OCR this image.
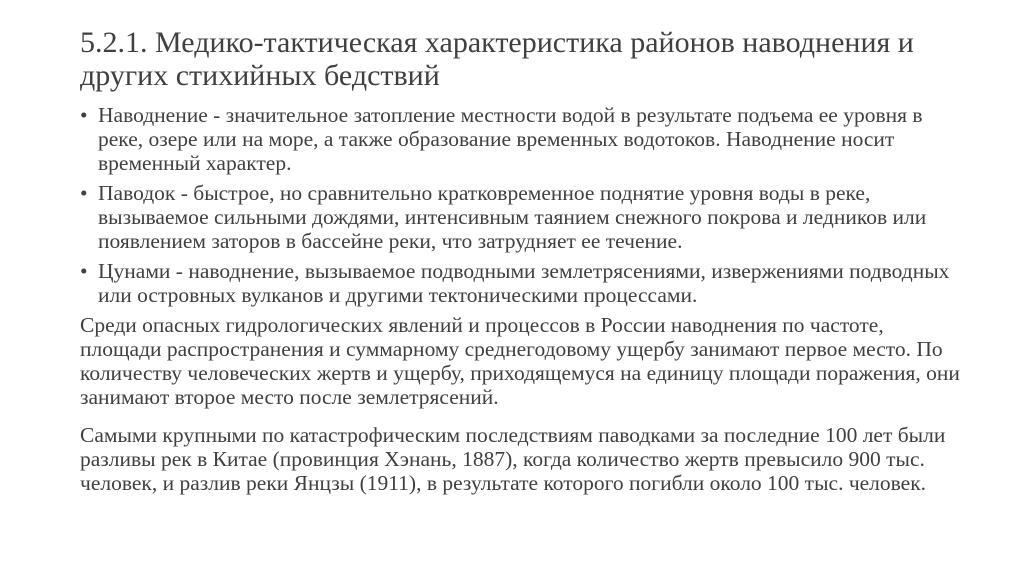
5.2.1. Медико-тактическая характеристика районов наводнения и других стихийных бедствий
• Наводнение - значительное затопление местности водой в результате подъема ее уровня в реке, озере или на море, а также образование временных водотоков. Наводнение носит временный характер.
• Паводок - быстрое, но сравнительно кратковременное поднятие уровня воды в реке, вызываемое сильными дождями, интенсивным таянием снежного покрова и ледников или появлением заторов в бассейне реки, что затрудняет ее течение.
• Цунами - наводнение, вызываемое подводными землетрясениями, извержениями подводных или островных вулканов и другими тектоническими процессами.

Среди опасных гидрологических явлений и процессов в России наводнения по частоте, площади распространения и суммарному среднегодовому ущербу занимают первое место. По количеству человеческих жертв и ущербу, приходящемуся на единицу площади поражения, они занимают второе место после землетрясений.

Самыми крупными по катастрофическим последствиям паводками за последние 100 лет были разливы рек в Китае (провинция Хэнань, 1887), когда количество жертв превысило 900 тыс. человек, и разлив реки Янцзы (1911), в результате которого погибли около 100 тыс. человек.
